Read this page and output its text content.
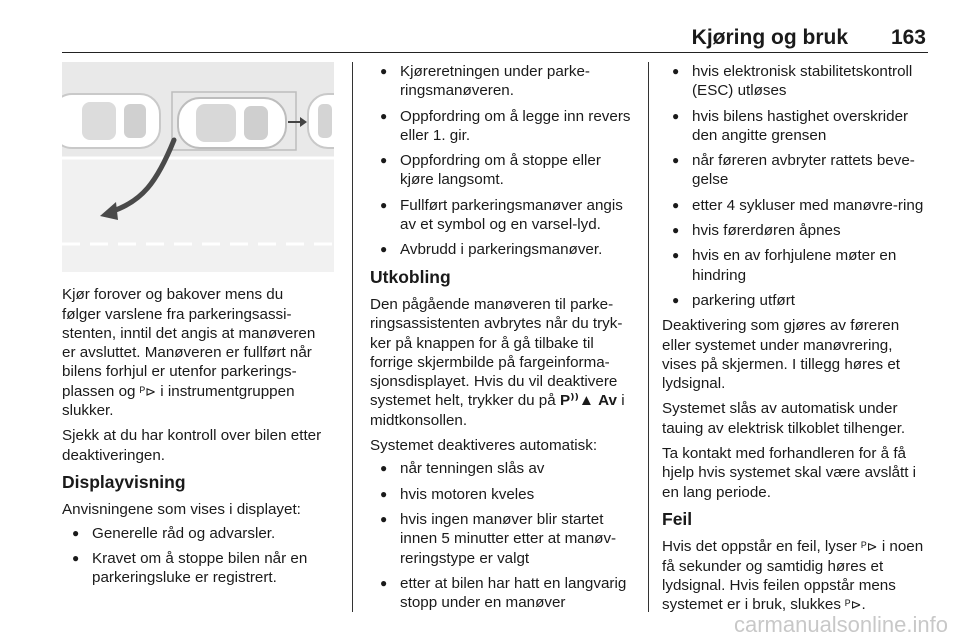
Kjøring og bruk 163

Kjør forover og bakover mens du
følger varslene fra parkeringsassi-
stenten, inntil det angis at manøveren
er avsluttet. Manøveren er fullført når
bilens forhjul er utenfor parkerings-
plassen og ᴾ⊳ i instrumentgruppen
slukker.

Sjekk at du har kontroll over bilen etter deaktiveringen.

Displayvisning

Anvisningene som vises i displayet:

● Generelle råd og advarsler.
● Kravet om å stoppe bilen når en parkeringsluke er registrert.
● Kjøreretningen under parke-ringsmanøveren.
● Oppfordring om å legge inn revers eller 1. gir.
● Oppfordring om å stoppe eller kjøre langsomt.
● Fullført parkeringsmanøver angis av et symbol og en varsel-lyd.
● Avbrudd i parkeringsmanøver.
Utkobling

Den pågående manøveren til parke-ringsassistenten avbrytes når du tryk-ker på knappen for å gå tilbake til forrige skjermbilde på fargeinforma-sjonsdisplayet. Hvis du vil deaktivere systemet helt, trykker du på P⁾⁾▲ Av i midtkonsollen.

Systemet deaktiveres automatisk:

● når tenningen slås av
● hvis motoren kveles
● hvis ingen manøver blir startet innen 5 minutter etter at manøv-reringstype er valgt
● etter at bilen har hatt en langvarig stopp under en manøver
● hvis elektronisk stabilitetskontroll (ESC) utløses
● hvis bilens hastighet overskrider den angitte grensen
● når føreren avbryter rattets beve-gelse
● etter 4 sykluser med manøvre-ring
● hvis førerdøren åpnes
● hvis en av forhjulene møter en hindring
● parkering utført

Deaktivering som gjøres av føreren eller systemet under manøvrering, vises på skjermen. I tillegg høres et lydsignal.

Systemet slås av automatisk under tauing av elektrisk tilkoblet tilhenger.

Ta kontakt med forhandleren for å få hjelp hvis systemet skal være avslått i en lang periode.

Feil

Hvis det oppstår en feil, lyser ᴾ⊳ i noen få sekunder og samtidig høres et lydsignal. Hvis feilen oppstår mens systemet er i bruk, slukkes ᴾ⊳.

carmanualsonline.info
